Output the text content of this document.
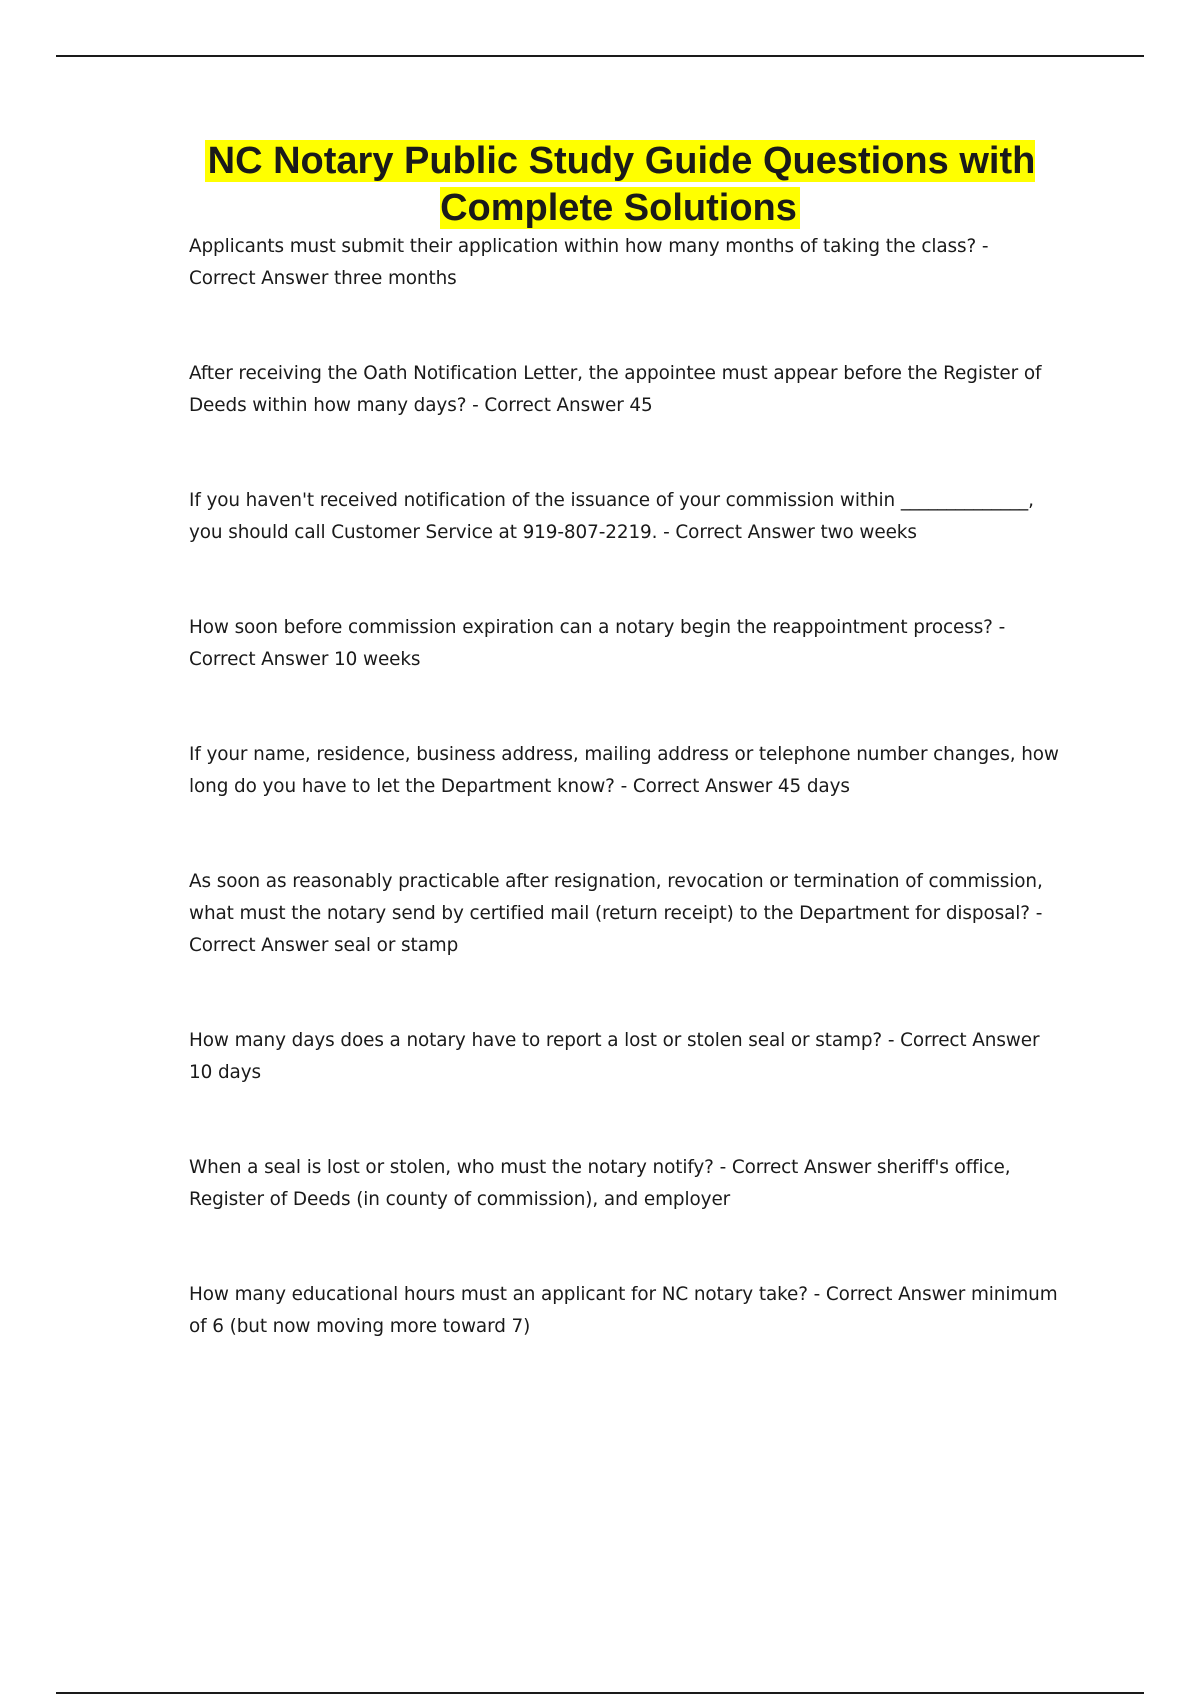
NC Notary Public Study Guide Questions with Complete Solutions

Applicants must submit their application within how many months of taking the class? - Correct Answer three months

After receiving the Oath Notification Letter, the appointee must appear before the Register of Deeds within how many days? - Correct Answer 45

If you haven't received notification of the issuance of your commission within ______________, you should call Customer Service at 919-807-2219. - Correct Answer two weeks

How soon before commission expiration can a notary begin the reappointment process? - Correct Answer 10 weeks

If your name, residence, business address, mailing address or telephone number changes, how long do you have to let the Department know? - Correct Answer 45 days

As soon as reasonably practicable after resignation, revocation or termination of commission, what must the notary send by certified mail (return receipt) to the Department for disposal? - Correct Answer seal or stamp

How many days does a notary have to report a lost or stolen seal or stamp? - Correct Answer 10 days

When a seal is lost or stolen, who must the notary notify? - Correct Answer sheriff's office, Register of Deeds (in county of commission), and employer

How many educational hours must an applicant for NC notary take? - Correct Answer minimum of 6 (but now moving more toward 7)
